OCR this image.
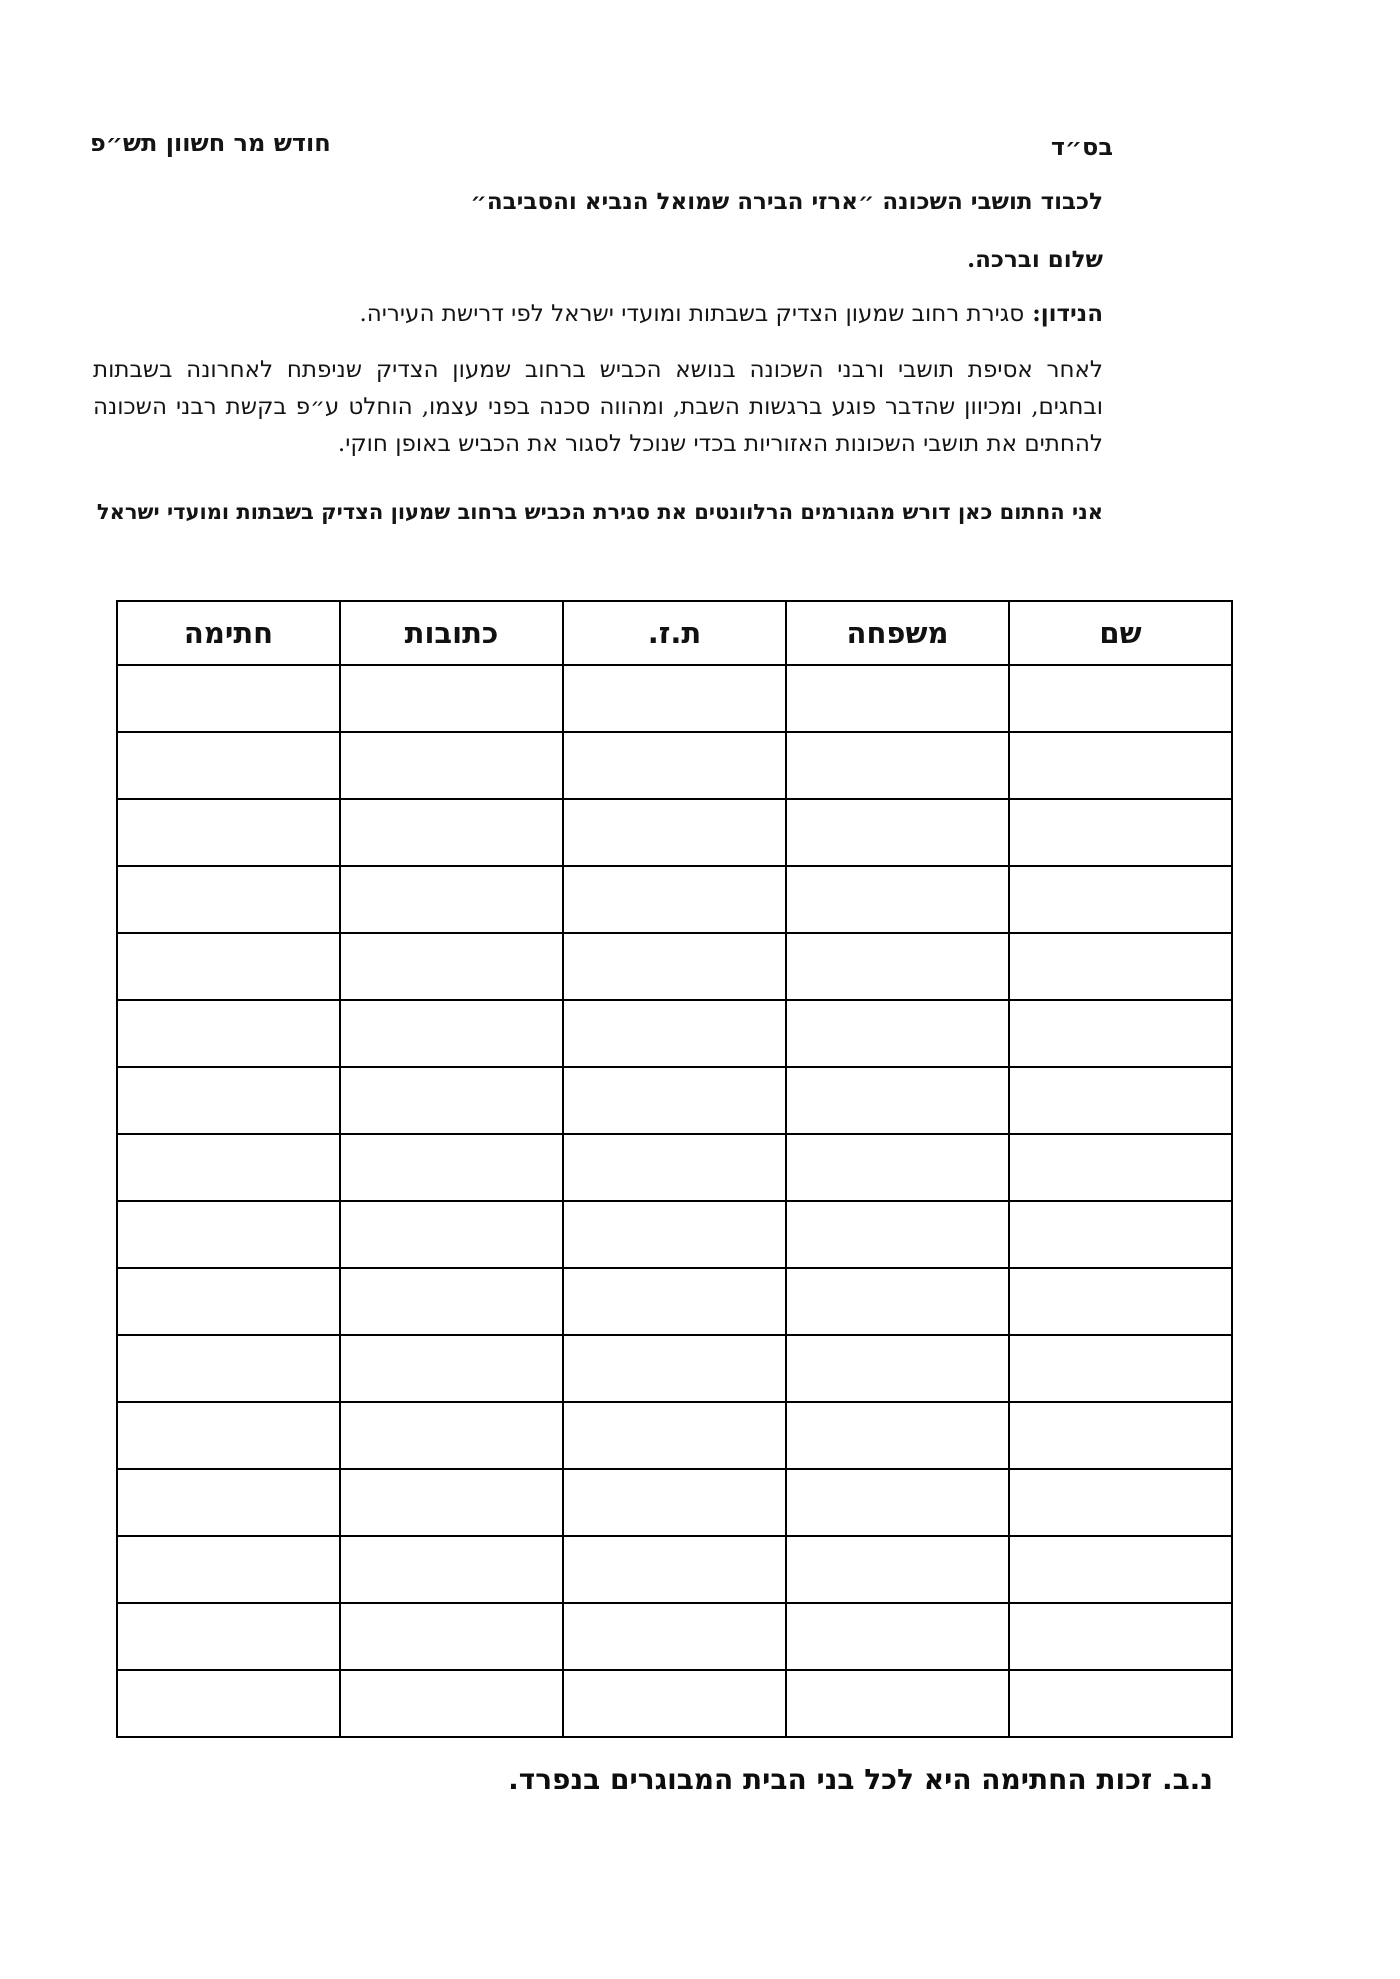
חודש מר חשוון תש״פ	בס״ד
לכבוד תושבי השכונה ״ארזי הבירה שמואל הנביא והסביבה״
שלום וברכה.
הנידון:סגירת רחוב שמעון הצדיק בשבתות ומועדי ישראל לפי דרישת העיריה.
לאחר אסיפת תושבי ורבני השכונה בנושא הכביש ברחוב שמעון הצדיק שניפתח לאחרונה בשבתות ובחגים, ומכיוון שהדבר פוגע ברגשות השבת, ומהווה סכנה בפני עצמו, הוחלט ע״פ בקשת רבני השכונה להחתים את תושבי השכונות האזוריות בכדי שנוכל לסגור את הכביש באופן חוקי.
אני החתום כאן דורש מהגורמים הרלוונטים את סגירת הכביש ברחוב שמעון הצדיק בשבתות ומועדי ישראל
שם	משפחה	ת.ז.	כתובות	חתימה

נ.ב. זכות החתימה היא לכל בני הבית המבוגרים בנפרד.
